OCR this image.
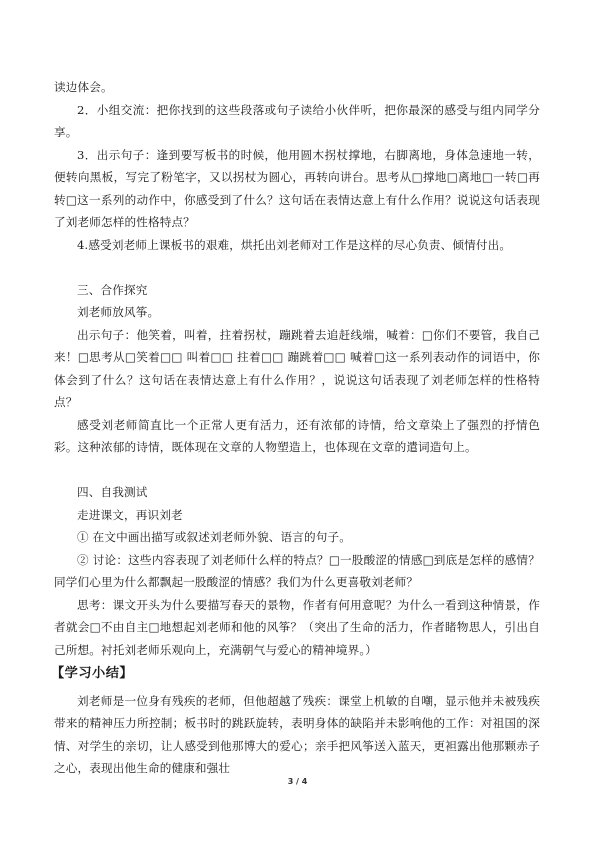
读边体会。

2．小组交流：把你找到的这些段落或句子读给小伙伴听，把你最深的感受与组内同学分享。

3．出示句子：逢到要写板书的时候，他用圆木拐杖撑地，右脚离地，身体急速地一转，便转向黑板，写完了粉笔字，又以拐杖为圆心，再转向讲台。思考从□撑地□离地□一转□再转□这一系列的动作中，你感受到了什么？这句话在表情达意上有什么作用？说说这句话表现了刘老师怎样的性格特点？

4.感受刘老师上课板书的艰难，烘托出刘老师对工作是这样的尽心负责、倾情付出。

三、合作探究

刘老师放风筝。

出示句子：他笑着，叫着，拄着拐杖，蹦跳着去追赶线端，喊着：□你们不要管，我自己来！□思考从□笑着□□ 叫着□□ 拄着□□ 蹦跳着□□ 喊着□这一系列表动作的词语中，你体会到了什么？这句话在表情达意上有什么作用？，说说这句话表现了刘老师怎样的性格特点？

感受刘老师简直比一个正常人更有活力，还有浓郁的诗情，给文章染上了强烈的抒情色彩。这种浓郁的诗情，既体现在文章的人物塑造上，也体现在文章的遣词造句上。

四、自我测试

走进课文，再识刘老

① 在文中画出描写或叙述刘老师外貌、语言的句子。

② 讨论：这些内容表现了刘老师什么样的特点？□一股酸涩的情感□到底是怎样的感情？同学们心里为什么都飘起一股酸涩的情感？我们为什么更喜敬刘老师？

思考：课文开头为什么要描写春天的景物，作者有何用意呢？为什么一看到这种情景，作者就会□不由自主□地想起刘老师和他的风筝？（突出了生命的活力，作者睹物思人，引出自己所想。衬托刘老师乐观向上，充满朝气与爱心的精神境界。）

【学习小结】

刘老师是一位身有残疾的老师，但他超越了残疾：课堂上机敏的自嘲，显示他并未被残疾带来的精神压力所控制；板书时的跳跃旋转，表明身体的缺陷并未影响他的工作：对祖国的深情、对学生的亲切，让人感受到他那博大的爱心；亲手把风筝送入蓝天，更袒露出他那颗赤子之心，表现出他生命的健康和强壮

3 / 4
